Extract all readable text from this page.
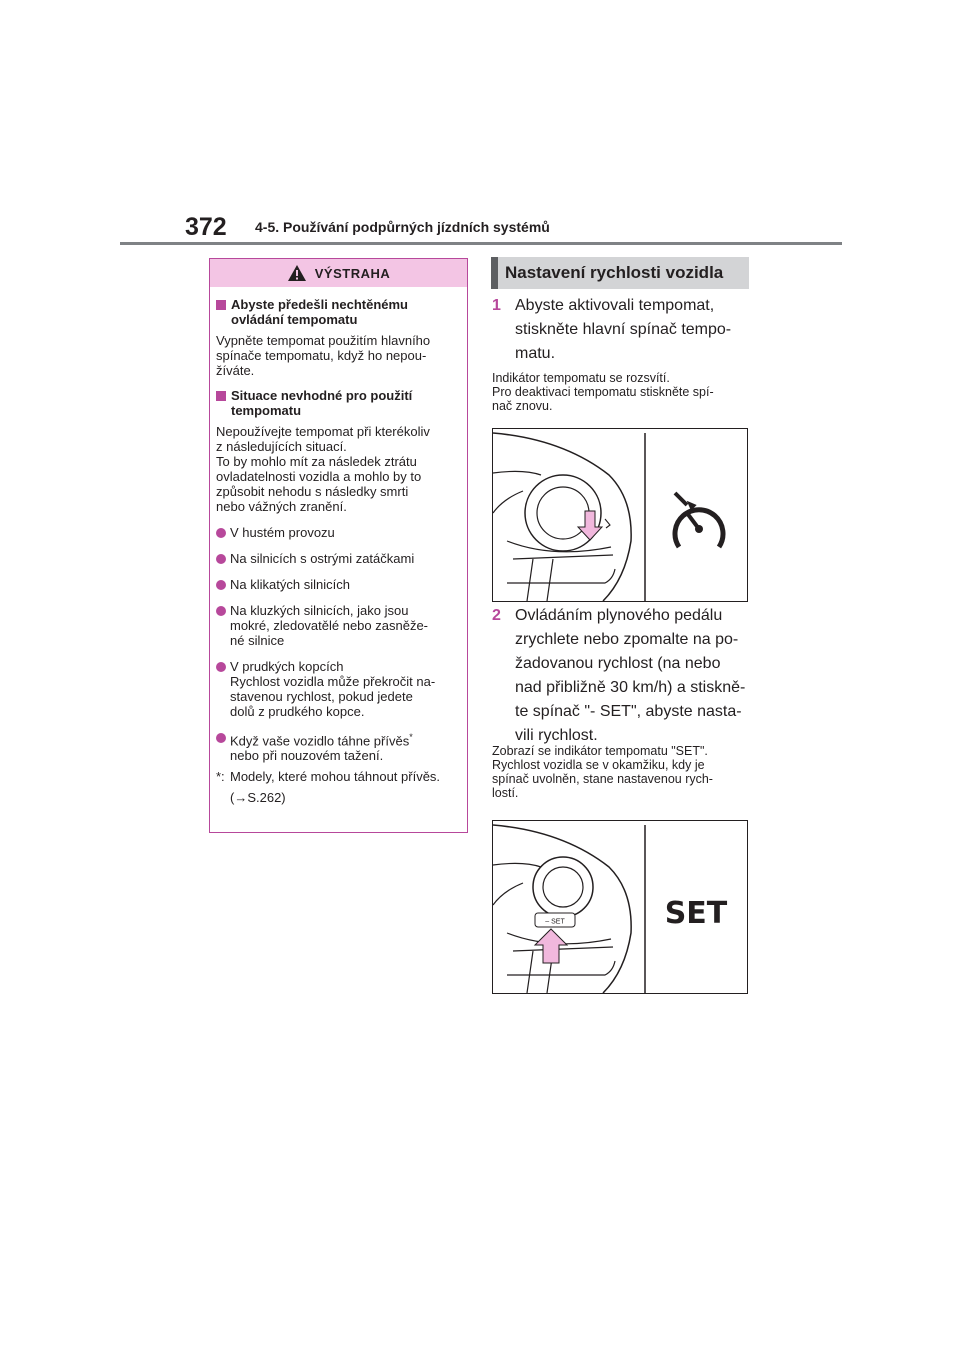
372 4-5. Používání podpůrných jízdních systémů
VÝSTRAHA
Abyste předešli nechtěnému ovládání tempomatu
Vypněte tempomat použitím hlavního
spínače tempomatu, když ho nepou-
žíváte.
Situace nevhodné pro použití tempomatu
Nepoužívejte tempomat při kterékoliv
z následujících situací.
To by mohlo mít za následek ztrátu
ovladatelnosti vozidla a mohlo by to
způsobit nehodu s následky smrti
nebo vážných zranění.
V hustém provozu
Na silnicích s ostrými zatáčkami
Na klikatých silnicích
Na kluzkých silnicích, jako jsou
mokré, zledovatělé nebo zasněže-
né silnice
V prudkých kopcích
Rychlost vozidla může překročit na-
stavenou rychlost, pokud jedete
dolů z prudkého kopce.
Když vaše vozidlo táhne přívěs*
nebo při nouzovém tažení.
*: Modely, které mohou táhnout přívěs.
(→S.262)
Nastavení rychlosti vozidla
1 Abyste aktivovali tempomat,
stiskněte hlavní spínač tempo-
matu.
Indikátor tempomatu se rozsvítí.
Pro deaktivaci tempomatu stiskněte spí-
nač znovu.
2 Ovládáním plynového pedálu
zrychlete nebo zpomalte na po-
žadovanou rychlost (na nebo
nad přibližně 30 km/h) a stiskně-
te spínač "- SET", abyste nasta-
vili rychlost.
Zobrazí se indikátor tempomatu "SET".
Rychlost vozidla se v okamžiku, kdy je
spínač uvolněn, stane nastavenou rych-
lostí.
– SET	SET
